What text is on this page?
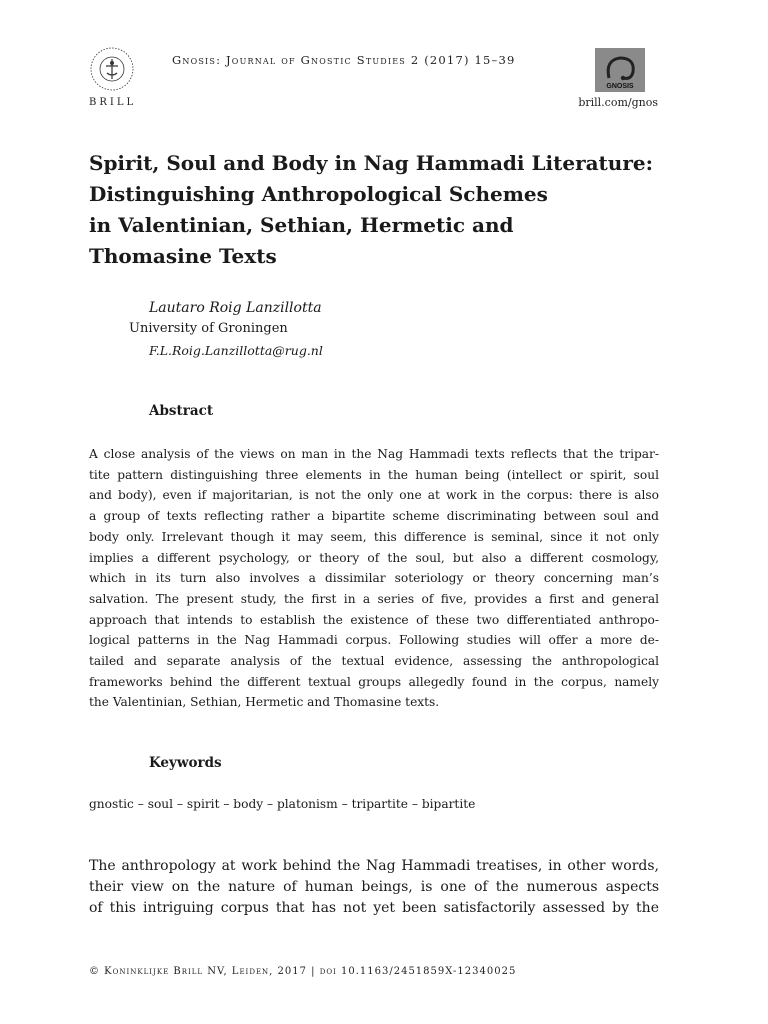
BRILL
Gnosis: Journal of Gnostic Studies 2 (2017) 15–39
GNOSIS
brill.com/gnos
Spirit, Soul and Body in Nag Hammadi Literature:
Distinguishing Anthropological Schemes
in Valentinian, Sethian, Hermetic and
Thomasine Texts
Lautaro Roig Lanzillotta
University of Groningen
F.L.Roig.Lanzillotta@rug.nl
Abstract
A close analysis of the views on man in the Nag Hammadi texts reflects that the tripar-
tite pattern distinguishing three elements in the human being (intellect or spirit, soul
and body), even if majoritarian, is not the only one at work in the corpus: there is also
a group of texts reflecting rather a bipartite scheme discriminating between soul and
body only. Irrelevant though it may seem, this difference is seminal, since it not only
implies a different psychology, or theory of the soul, but also a different cosmology,
which in its turn also involves a dissimilar soteriology or theory concerning man’s
salvation. The present study, the first in a series of five, provides a first and general
approach that intends to establish the existence of these two differentiated anthropo-
logical patterns in the Nag Hammadi corpus. Following studies will offer a more de-
tailed and separate analysis of the textual evidence, assessing the anthropological
frameworks behind the different textual groups allegedly found in the corpus, namely
the Valentinian, Sethian, Hermetic and Thomasine texts.
Keywords
gnostic – soul – spirit – body – platonism – tripartite – bipartite
The anthropology at work behind the Nag Hammadi treatises, in other words,
their view on the nature of human beings, is one of the numerous aspects
of this intriguing corpus that has not yet been satisfactorily assessed by the
© Koninklijke Brill NV, Leiden, 2017 | doi 10.1163/2451859X-12340025
